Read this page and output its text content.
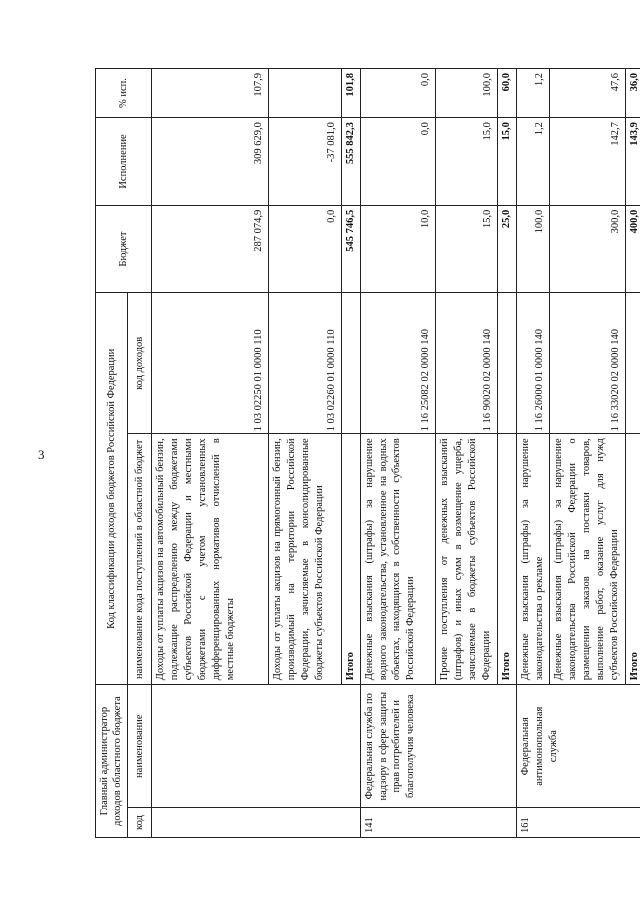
3
Главный администратор доходов областного бюджета		Код классификации доходов бюджетов Российской Федерации		Бюджет	Исполнение	% исп.
код	наименование	наименование кода поступлений в областной бюджет	код доходов			
		Доходы от уплаты акцизов на автомобильный бензин, подлежащие распределению между бюджетами субъектов Российской Федерации и местными бюджетами с учетом установленных дифференцированных нормативов отчислений в местные бюджеты	1 03 02250 01 0000 110	287 074,9	309 629,0	107,9
		Доходы от уплаты акцизов на прямогонный бензин, производимый на территории Российской Федерации, зачисляемые в консолидированные бюджеты субъектов Российской Федерации	1 03 02260 01 0000 110	0,0	-37 081,0	
		Итого		545 746,5	555 842,3	101,8
141	Федеральная служба по надзору в сфере защиты прав потребителей и благополучия человека	Денежные взыскания (штрафы) за нарушение водного законодательства, установленное на водных объектах, находящихся в собственности субъектов Российской Федерации	1 16 25082 02 0000 140	10,0	0,0	0,0
		Прочие поступления от денежных взысканий (штрафов) и иных сумм в возмещение ущерба, зачисляемые в бюджеты субъектов Российской Федерации	1 16 90020 02 0000 140	15,0	15,0	100,0
		Итого		25,0	15,0	60,0
161	Федеральная антимонопольная служба	Денежные взыскания (штрафы) за нарушение законодательства о рекламе	1 16 26000 01 0000 140	100,0	1,2	1,2
		Денежные взыскания (штрафы) за нарушение законодательства Российской Федерации о размещении заказов на поставки товаров, выполнение работ, оказание услуг для нужд субъектов Российской Федерации	1 16 33020 02 0000 140	300,0	142,7	47,6
		Итого		400,0	143,9	36,0
